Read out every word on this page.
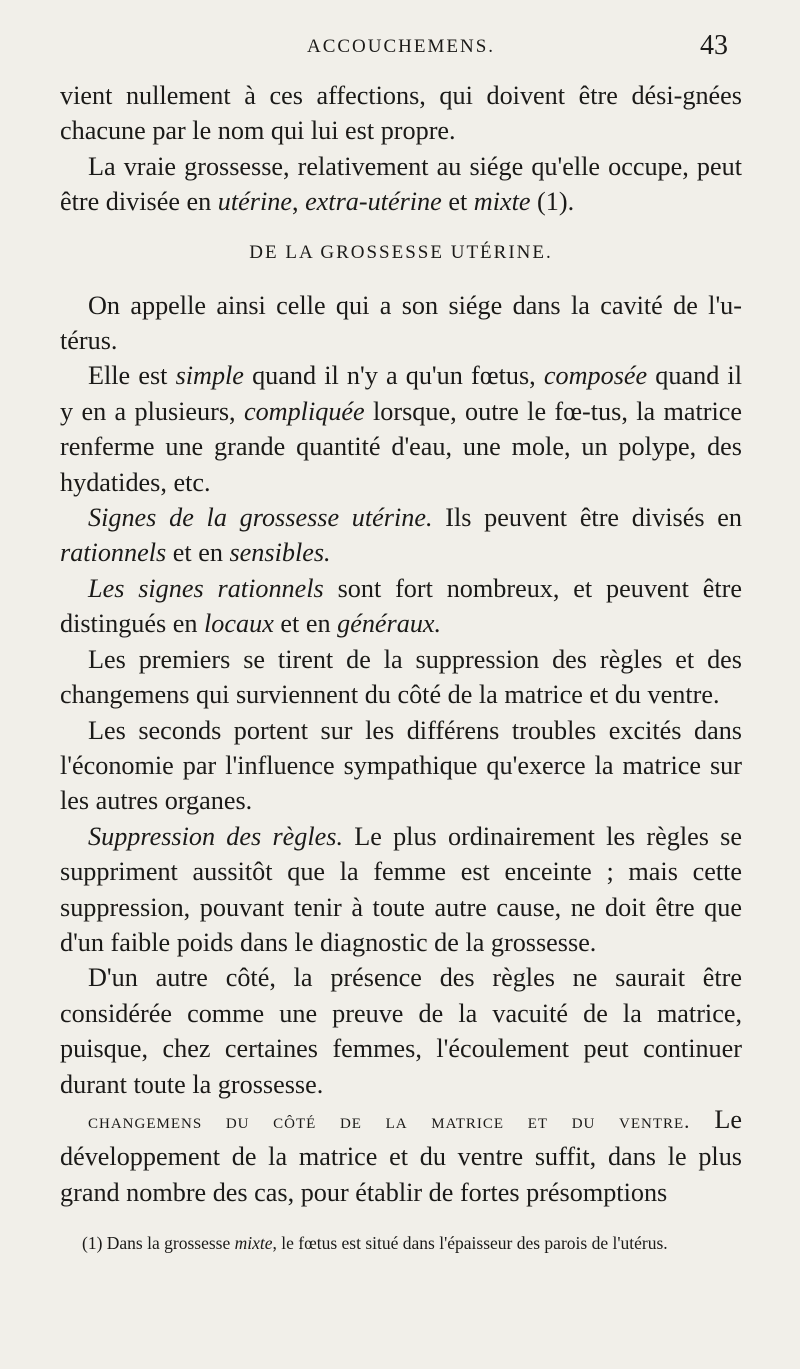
ACCOUCHEMENS.	43

vient nullement à ces affections, qui doivent être dési-gnées chacune par le nom qui lui est propre.

La vraie grossesse, relativement au siége qu'elle occupe, peut être divisée en utérine, extra-utérine et mixte (1).

DE LA GROSSESSE UTÉRINE.

On appelle ainsi celle qui a son siége dans la cavité de l'u-térus.

Elle est simple quand il n'y a qu'un fœtus, composée quand il y en a plusieurs, compliquée lorsque, outre le fœ-tus, la matrice renferme une grande quantité d'eau, une mole, un polype, des hydatides, etc.

Signes de la grossesse utérine. Ils peuvent être divisés en rationnels et en sensibles.

Les signes rationnels sont fort nombreux, et peuvent être distingués en locaux et en généraux.

Les premiers se tirent de la suppression des règles et des changemens qui surviennent du côté de la matrice et du ventre.

Les seconds portent sur les différens troubles excités dans l'économie par l'influence sympathique qu'exerce la matrice sur les autres organes.

Suppression des règles. Le plus ordinairement les règles se suppriment aussitôt que la femme est enceinte ; mais cette suppression, pouvant tenir à toute autre cause, ne doit être que d'un faible poids dans le diagnostic de la grossesse.

D'un autre côté, la présence des règles ne saurait être considérée comme une preuve de la vacuité de la matrice, puisque, chez certaines femmes, l'écoulement peut continuer durant toute la grossesse.

changemens du côté de la matrice et du ventre. Le développement de la matrice et du ventre suffit, dans le plus grand nombre des cas, pour établir de fortes présomptions

(1) Dans la grossesse mixte, le fœtus est situé dans l'épaisseur des parois de l'utérus.
